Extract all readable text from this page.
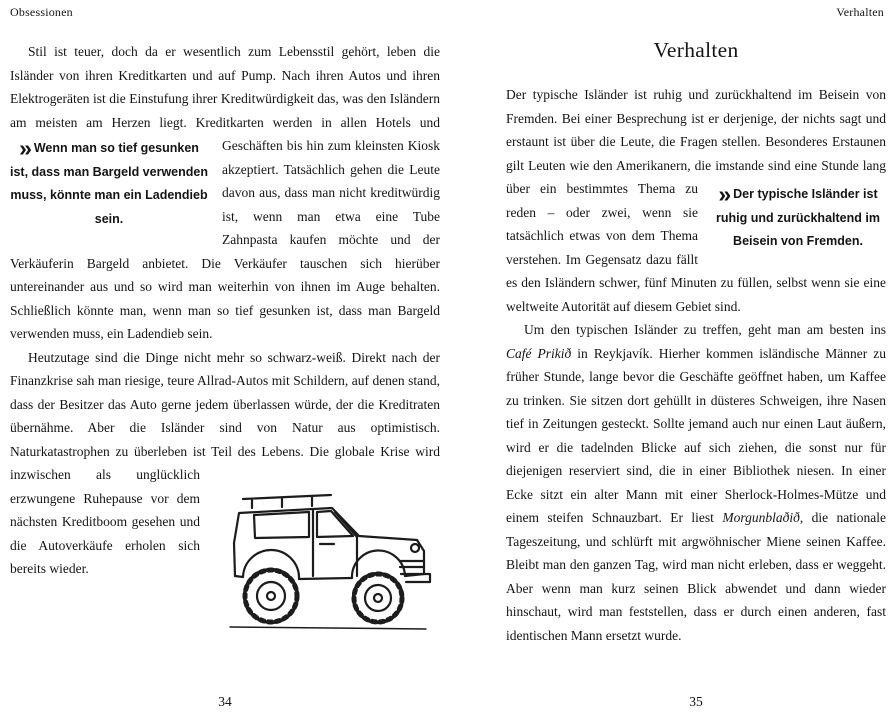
Obsessionen

Stil ist teuer, doch da er wesentlich zum Lebensstil gehört, leben die Isländer von ihren Kreditkarten und auf Pump. Nach ihren Autos und ihren Elektrogeräten ist die Einstufung ihrer Kreditwürdigkeit das, was den Isländern am meisten am Herzen liegt. Kreditkarten werden in allen Hotels und
» Wenn man so tief gesunken ist, dass man Bargeld verwenden muss, könnte man ein Ladendieb sein.
Geschäften bis hin zum kleinsten Kiosk akzeptiert. Tatsächlich gehen die Leute davon aus, dass man nicht kreditwürdig ist, wenn man etwa eine Tube Zahnpasta kaufen möchte und der Verkäuferin Bargeld anbietet. Die Verkäufer tauschen sich hierüber untereinander aus und so wird man weiterhin von ihnen im Auge behalten. Schließlich könnte man, wenn man so tief gesunken ist, dass man Bargeld verwenden muss, ein Ladendieb sein.

Heutzutage sind die Dinge nicht mehr so schwarz-weiß. Direkt nach der Finanzkrise sah man riesige, teure Allrad-Autos mit Schildern, auf denen stand, dass der Besitzer das Auto gerne jedem überlassen würde, der die Kreditraten übernähme. Aber die Isländer sind von Natur aus optimistisch. Naturkatastrophen zu überleben ist Teil des Lebens. Die globale Krise wird inzwischen als unglücklich erzwungene Ruhepause vor dem nächsten Kreditboom gesehen und die Autoverkäufe erholen sich bereits wieder.

34
Verhalten
Verhalten

Der typische Isländer ist ruhig und zurückhaltend im Beisein von Fremden. Bei einer Besprechung ist er derjenige, der nichts sagt und erstaunt ist über die Leute, die Fragen stellen. Besonderes Erstaunen gilt Leuten wie den Amerikanern, die
» Der typische Isländer ist ruhig und zurückhaltend im Beisein von Fremden.
imstande sind eine Stunde lang über ein bestimmtes Thema zu reden – oder zwei, wenn sie tatsächlich etwas von dem Thema verstehen. Im Gegensatz dazu fällt es den Isländern schwer, fünf Minuten zu füllen, selbst wenn sie eine weltweite Autorität auf diesem Gebiet sind.

Um den typischen Isländer zu treffen, geht man am besten ins Café Prikið in Reykjavík. Hierher kommen isländische Männer zu früher Stunde, lange bevor die Geschäfte geöffnet haben, um Kaffee zu trinken. Sie sitzen dort gehüllt in düsteres Schweigen, ihre Nasen tief in Zeitungen gesteckt. Sollte jemand auch nur einen Laut äußern, wird er die tadelnden Blicke auf sich ziehen, die sonst nur für diejenigen reserviert sind, die in einer Bibliothek niesen. In einer Ecke sitzt ein alter Mann mit einer Sherlock-Holmes-Mütze und einem steifen Schnauzbart. Er liest Morgunblaðið, die nationale Tageszeitung, und schlürft mit argwöhnischer Miene seinen Kaffee. Bleibt man den ganzen Tag, wird man nicht erleben, dass er weggeht. Aber wenn man kurz seinen Blick abwendet und dann wieder hinschaut, wird man feststellen, dass er durch einen anderen, fast identischen Mann ersetzt wurde.

35
